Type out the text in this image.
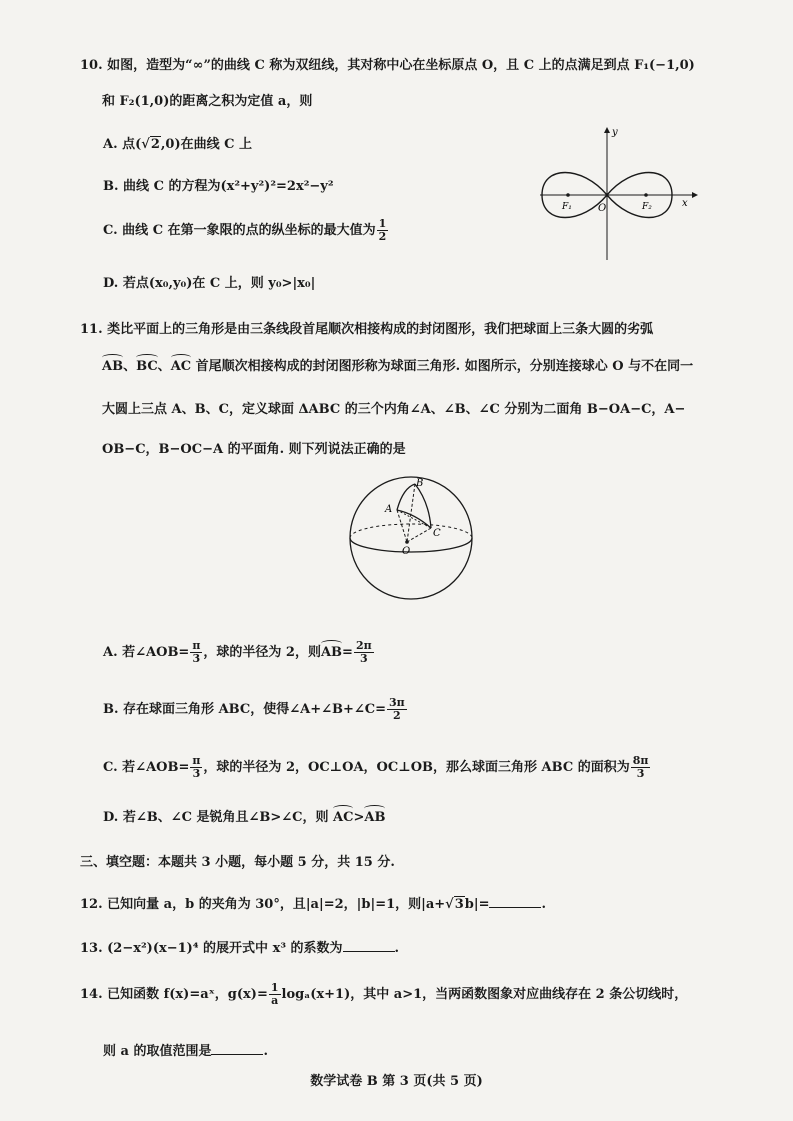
10. 如图，造型为“∞”的曲线 C 称为双纽线，其对称中心在坐标原点 O，且 C 上的点满足到点 F₁(−1,0)
和 F₂(1,0)的距离之积为定值 a，则
A. 点(√2,0)在曲线 C 上
B. 曲线 C 的方程为(x²+y²)²=2x²−y²
C. 曲线 C 在第一象限的点的纵坐标的最大值为 $\frac{1}{2}$
D. 若点(x₀,y₀)在 C 上，则 y₀>|x₀|
y
x
F₁	O	F₂
11. 类比平面上的三角形是由三条线段首尾顺次相接构成的封闭图形，我们把球面上三条大圆的劣弧
AB、BC、AC 首尾顺次相接构成的封闭图形称为球面三角形. 如图所示，分别连接球心 O 与不在同一
大圆上三点 A、B、C，定义球面 ΔABC 的三个内角∠A、∠B、∠C 分别为二面角 B−OA−C，A−
OB−C，B−OC−A 的平面角. 则下列说法正确的是
A
B
C
O
A. 若∠AOB= $\frac{\pi}{3}$ ，球的半径为 2，则$AB= \frac{2\pi}{3}$
B. 存在球面三角形 ABC，使得∠A+∠B+∠C= $\frac{3\pi}{2}$
C. 若∠AOB= $\frac{\pi}{3}$ ，球的半径为 2，OC⊥OA，OC⊥OB，那么球面三角形 ABC 的面积为 $\frac{8\pi}{3}$
D. 若∠B、∠C 是锐角且∠B>∠C，则 AC>AB
三、填空题：本题共 3 小题，每小题 5 分，共 15 分.
12. 已知向量 a，b 的夹角为 30°，且|a|=2，|b|=1，则|a+√3b|=	.
13. (2−x²)(x−1)⁴ 的展开式中 x³ 的系数为	.
14. 已知函数 f(x)=aˣ，$g(x)= \frac{1}{a} \log_a(x+1)$，其中 a>1，当两函数图象对应曲线存在 2 条公切线时，
则 a 的取值范围是	.
数学试卷 B 第 3 页(共 5 页)
